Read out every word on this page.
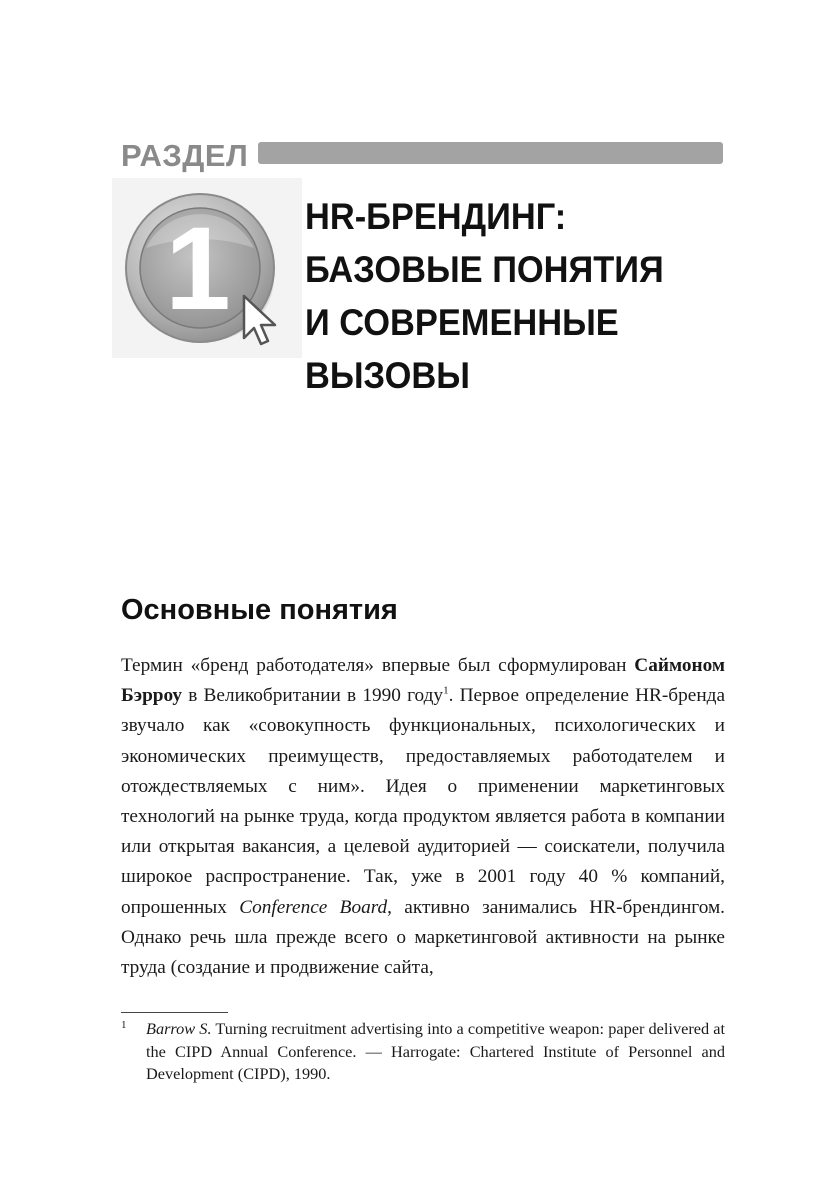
РАЗДЕЛ
1 HR-БРЕНДИНГ:
БАЗОВЫЕ ПОНЯТИЯ
И СОВРЕМЕННЫЕ
ВЫЗОВЫ
Основные понятия

Термин «бренд работодателя» впервые был сформулирован Саймоном Бэрроу в Великобритании в 1990 году$^1$. Первое определение HR-бренда звучало как «совокупность функциональных, психологических и экономических преимуществ, предоставляемых работодателем и отождествляемых с ним». Идея о применении маркетинговых технологий на рынке труда, когда продуктом является работа в компании или открытая вакансия, а целевой аудиторией — соискатели, получила широкое распространение. Так, уже в 2001 году 40 % компаний, опрошенных Conference Board, активно занимались HR-брендингом. Однако речь шла прежде всего о маркетинговой активности на рынке труда (создание и продвижение сайта,

1 Barrow S. Turning recruitment advertising into a competitive weapon: paper delivered at the CIPD Annual Conference. — Harrogate: Chartered Institute of Personnel and Development (CIPD), 1990.
